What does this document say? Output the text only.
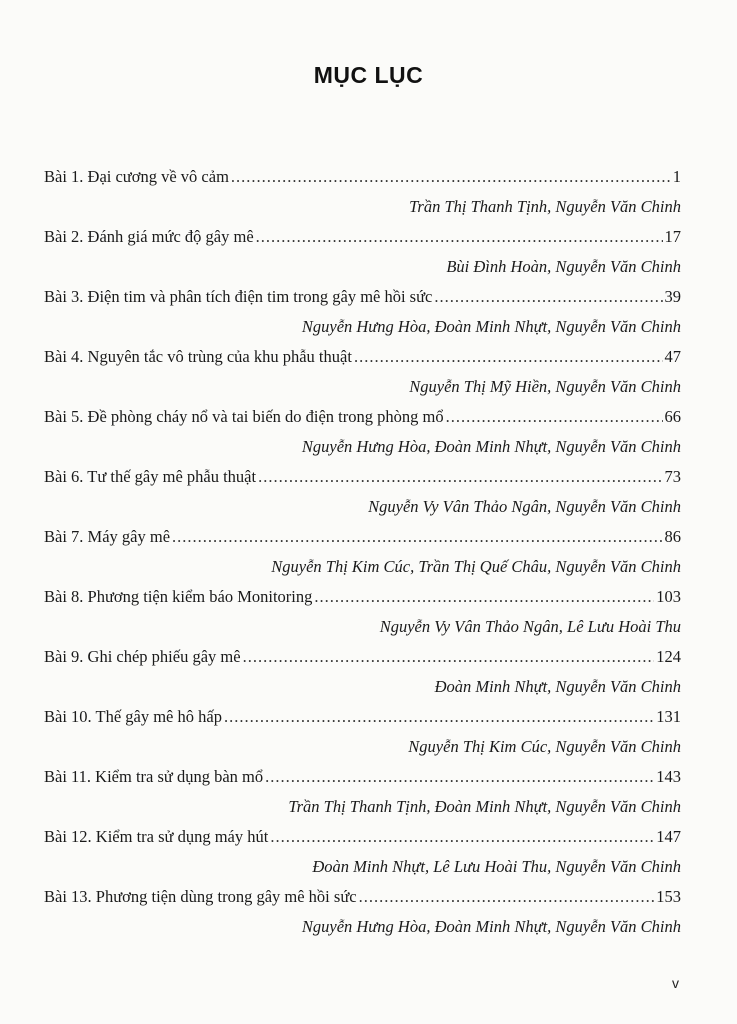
MỤC LỤC
Bài 1. Đại cương về vô cảm .....	1
Trần Thị Thanh Tịnh, Nguyễn Văn Chinh
Bài 2. Đánh giá mức độ gây mê .....	17
Bùi Đình Hoàn, Nguyễn Văn Chinh
Bài 3. Điện tim và phân tích điện tim trong gây mê hồi sức .....	39
Nguyễn Hưng Hòa, Đoàn Minh Nhựt, Nguyễn Văn Chinh
Bài 4. Nguyên tắc vô trùng của khu phẫu thuật .....	47
Nguyễn Thị Mỹ Hiền, Nguyễn Văn Chinh
Bài 5. Đề phòng cháy nổ và tai biến do điện trong phòng mổ .....	66
Nguyễn Hưng Hòa, Đoàn Minh Nhựt, Nguyễn Văn Chinh
Bài 6. Tư thế gây mê phẫu thuật .....	73
Nguyễn Vy Vân Thảo Ngân, Nguyễn Văn Chinh
Bài 7. Máy gây mê .....	86
Nguyễn Thị Kim Cúc, Trần Thị Quế Châu, Nguyễn Văn Chinh
Bài 8. Phương tiện kiểm báo Monitoring .....	103
Nguyễn Vy Vân Thảo Ngân, Lê Lưu Hoài Thu
Bài 9. Ghi chép phiếu gây mê .....	124
Đoàn Minh Nhựt, Nguyễn Văn Chinh
Bài 10. Thế gây mê hô hấp .....	131
Nguyễn Thị Kim Cúc, Nguyễn Văn Chinh
Bài 11. Kiểm tra sử dụng bàn mổ .....	143
Trần Thị Thanh Tịnh, Đoàn Minh Nhựt, Nguyễn Văn Chinh
Bài 12. Kiểm tra sử dụng máy hút .....	147
Đoàn Minh Nhựt, Lê Lưu Hoài Thu, Nguyễn Văn Chinh
Bài 13. Phương tiện dùng trong gây mê hồi sức .....	153
Nguyễn Hưng Hòa, Đoàn Minh Nhựt, Nguyễn Văn Chinh
v
